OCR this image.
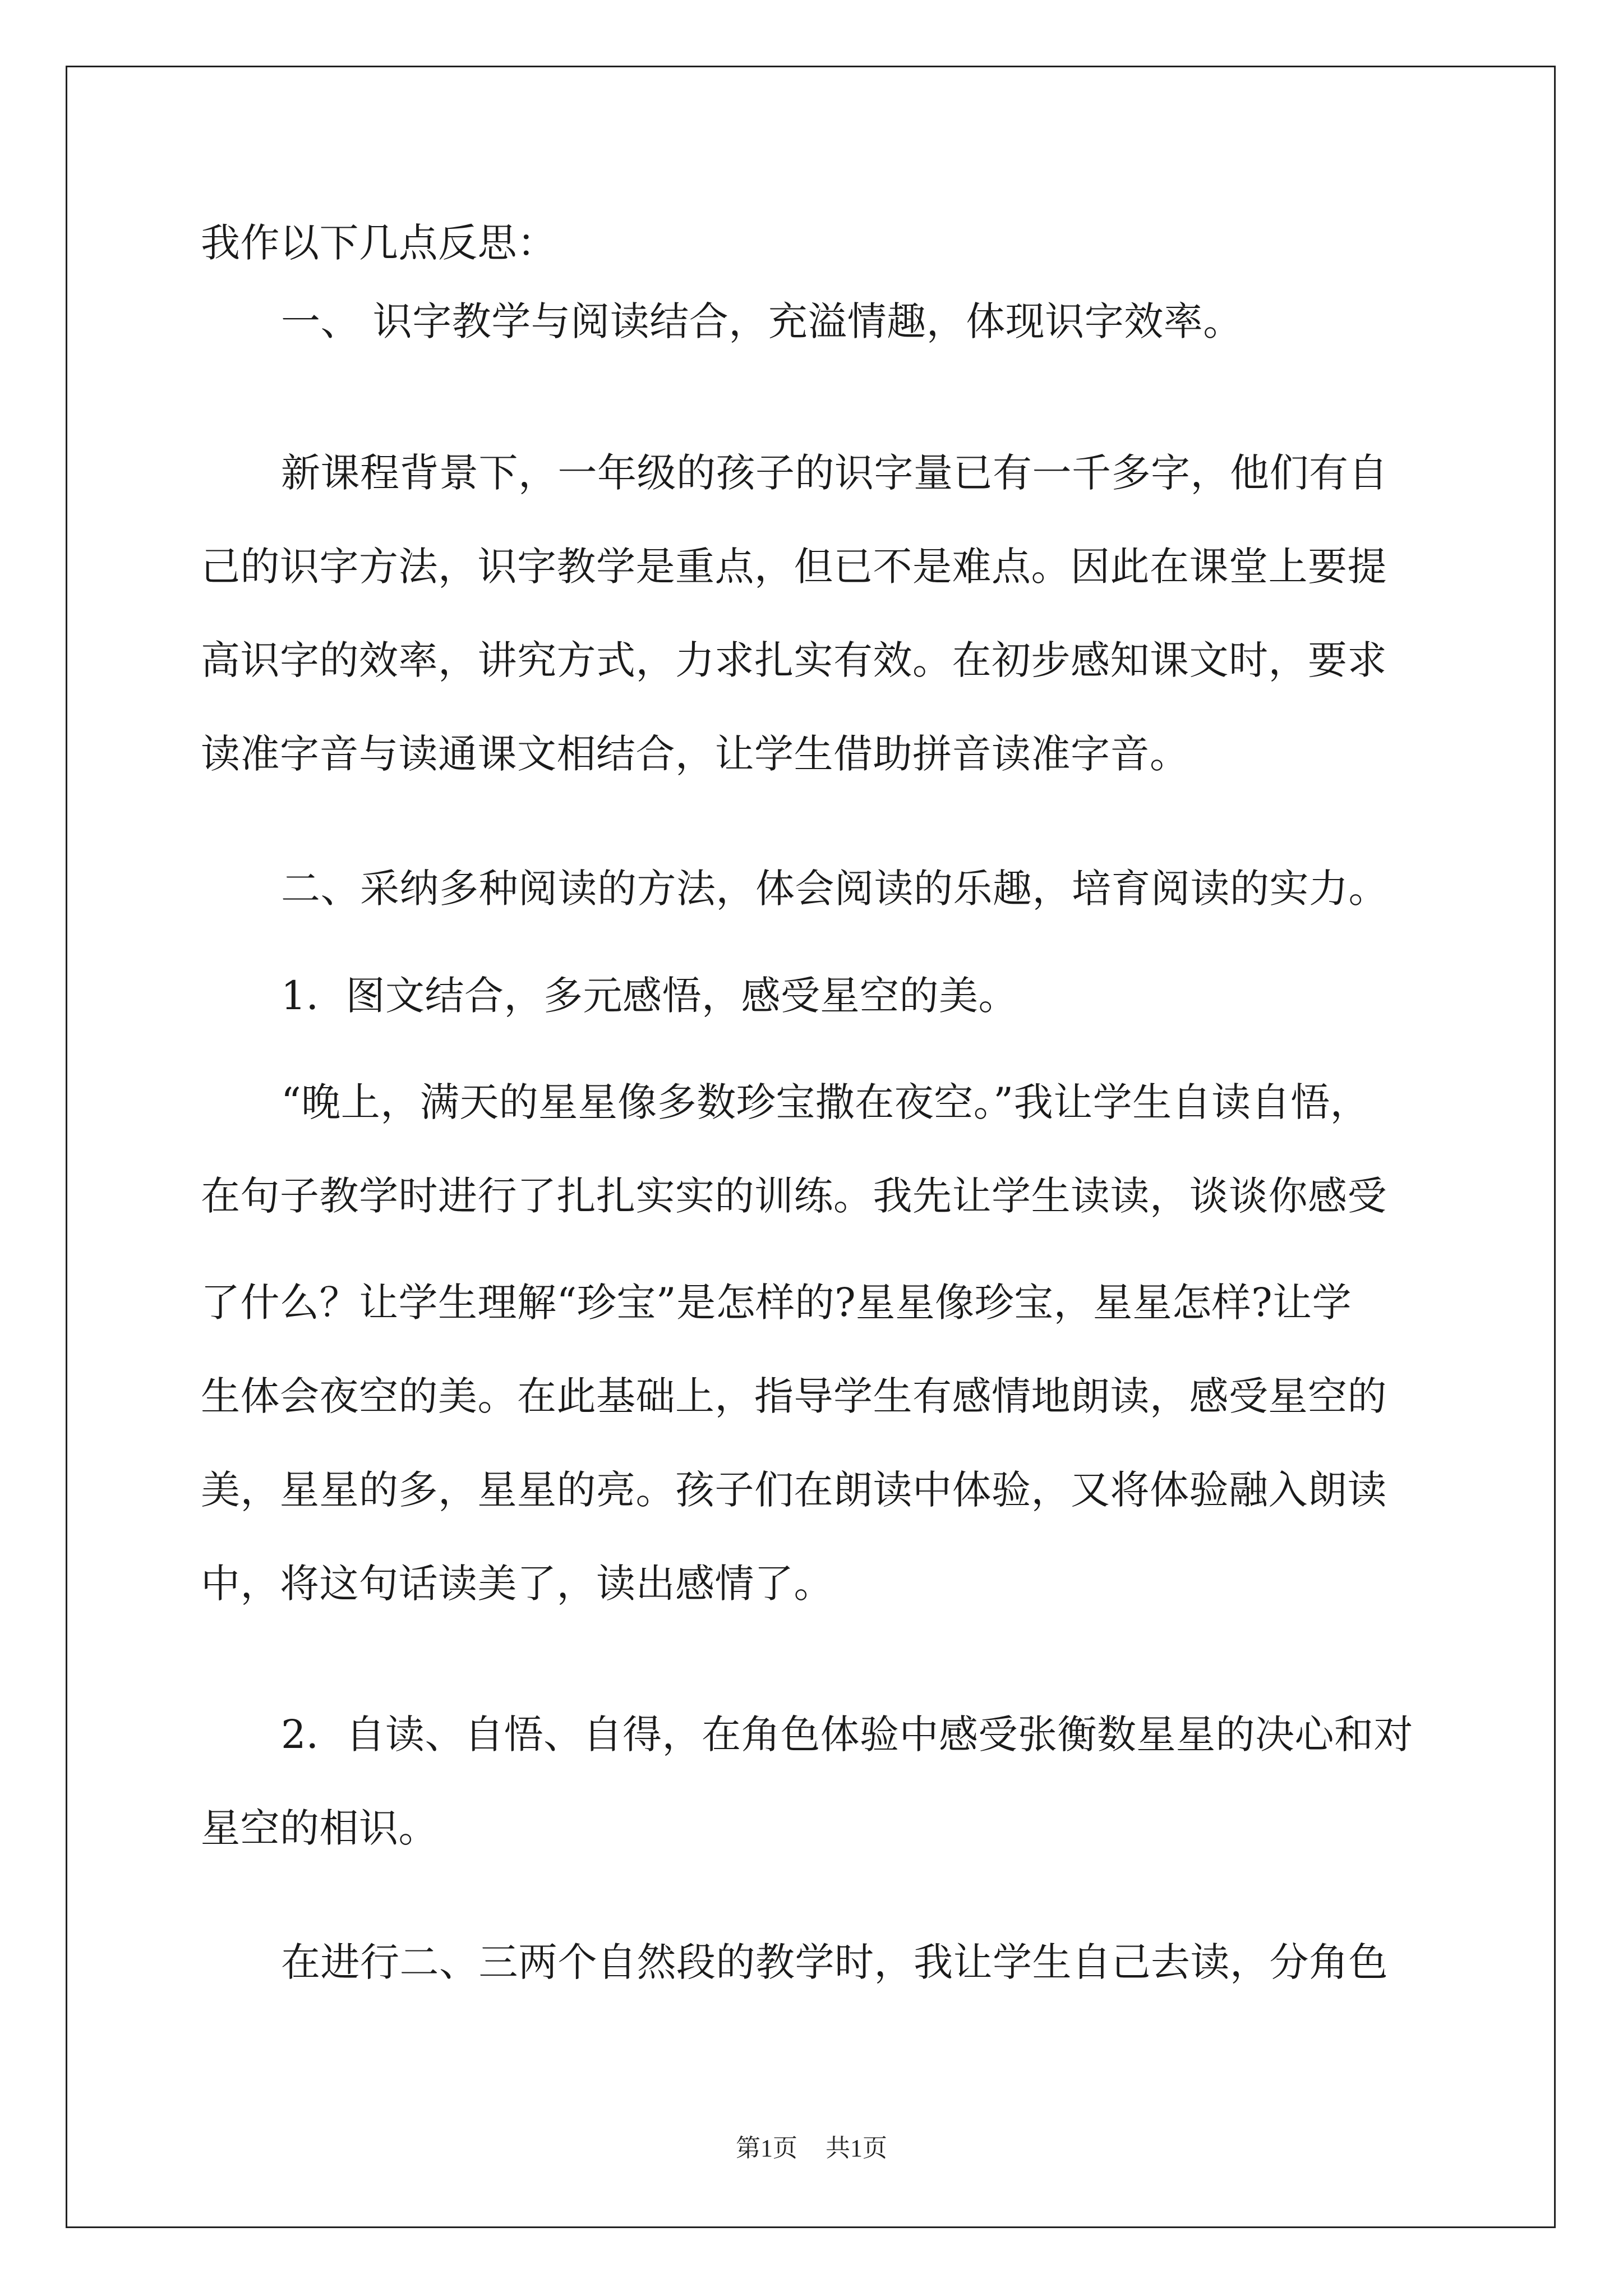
我作以下几点反思：
一、 识字教学与阅读结合，充溢情趣，体现识字效率。
新课程背景下，一年级的孩子的识字量已有一千多字，他们有自
己的识字方法，识字教学是重点，但已不是难点。因此在课堂上要提
高识字的效率，讲究方式，力求扎实有效。在初步感知课文时，要求
读准字音与读通课文相结合，让学生借助拼音读准字音。
二、采纳多种阅读的方法，体会阅读的乐趣，培育阅读的实力。
1．图文结合，多元感悟，感受星空的美。
“晚上，满天的星星像多数珍宝撒在夜空。”我让学生自读自悟，
在句子教学时进行了扎扎实实的训练。我先让学生读读，谈谈你感受
了什么？让学生理解“珍宝”是怎样的?星星像珍宝，星星怎样?让学
生体会夜空的美。在此基础上，指导学生有感情地朗读，感受星空的
美，星星的多，星星的亮。孩子们在朗读中体验，又将体验融入朗读
中，将这句话读美了，读出感情了。
2．自读、自悟、自得，在角色体验中感受张衡数星星的决心和对
星空的相识。
在进行二、三两个自然段的教学时，我让学生自己去读，分角色
第1页 共1页
